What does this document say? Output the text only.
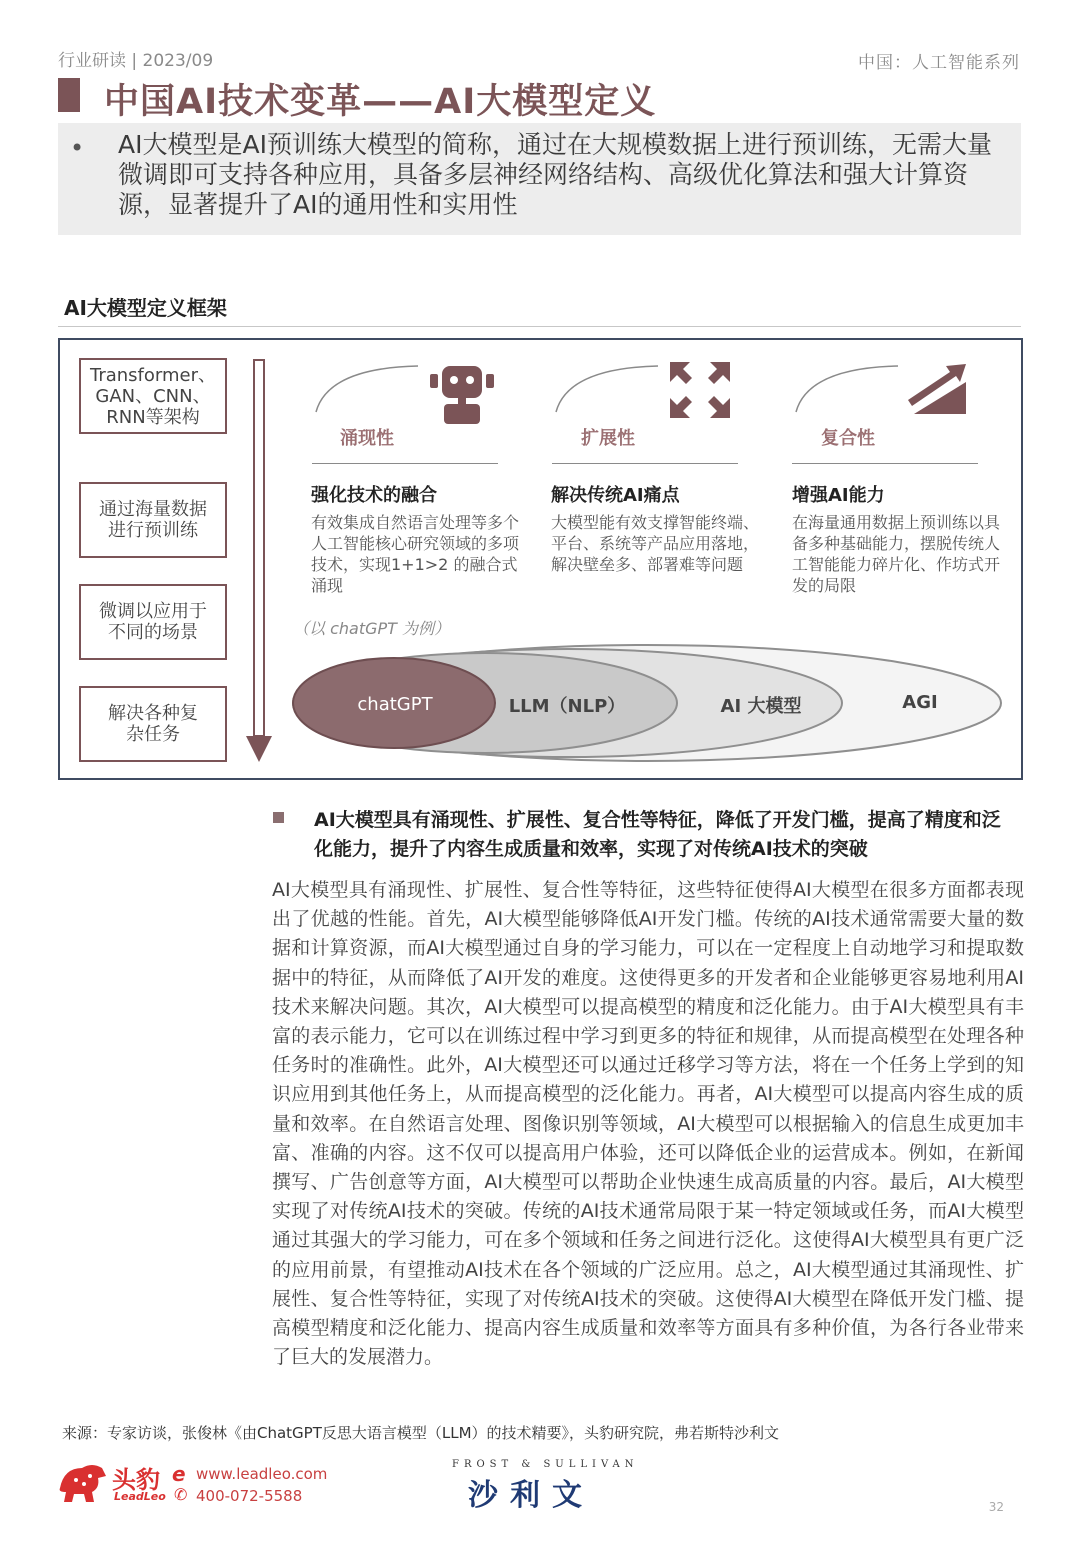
行业研读 | 2023/09	中国：人工智能系列
中国AI技术变革——AI大模型定义
• AI大模型是AI预训练大模型的简称，通过在大规模数据上进行预训练，无需大量微调即可支持各种应用，具备多层神经网络结构、高级优化算法和强大计算资源，显著提升了AI的通用性和实用性
AI大模型定义框架
Transformer、
GAN、CNN、
RNN等架构
通过海量数据
进行预训练
微调以应用于
不同的场景
解决各种复
杂任务
涌现性
强化技术的融合
有效集成自然语言处理等多个人工智能核心研究领域的多项技术，实现1+1>2 的融合式涌现
扩展性
解决传统AI痛点
大模型能有效支撑智能终端、平台、系统等产品应用落地，解决壁垒多、部署难等问题
复合性
增强AI能力
在海量通用数据上预训练以具备多种基础能力，摆脱传统人工智能能力碎片化、作坊式开发的局限
（以 chatGPT 为例）
chatGPT	LLM（NLP）	AI 大模型	AGI
AI大模型具有涌现性、扩展性、复合性等特征，降低了开发门槛，提高了精度和泛化能力，提升了内容生成质量和效率，实现了对传统AI技术的突破
AI大模型具有涌现性、扩展性、复合性等特征，这些特征使得AI大模型在很多方面都表现出了优越的性能。首先，AI大模型能够降低AI开发门槛。传统的AI技术通常需要大量的数据和计算资源，而AI大模型通过自身的学习能力，可以在一定程度上自动地学习和提取数据中的特征，从而降低了AI开发的难度。这使得更多的开发者和企业能够更容易地利用AI技术来解决问题。其次，AI大模型可以提高模型的精度和泛化能力。由于AI大模型具有丰富的表示能力，它可以在训练过程中学习到更多的特征和规律，从而提高模型在处理各种任务时的准确性。此外，AI大模型还可以通过迁移学习等方法，将在一个任务上学到的知识应用到其他任务上，从而提高模型的泛化能力。再者，AI大模型可以提高内容生成的质量和效率。在自然语言处理、图像识别等领域，AI大模型可以根据输入的信息生成更加丰富、准确的内容。这不仅可以提高用户体验，还可以降低企业的运营成本。例如，在新闻撰写、广告创意等方面，AI大模型可以帮助企业快速生成高质量的内容。最后，AI大模型实现了对传统AI技术的突破。传统的AI技术通常局限于某一特定领域或任务，而AI大模型通过其强大的学习能力，可在多个领域和任务之间进行泛化。这使得AI大模型具有更广泛的应用前景，有望推动AI技术在各个领域的广泛应用。总之，AI大模型通过其涌现性、扩展性、复合性等特征，实现了对传统AI技术的突破。这使得AI大模型在降低开发门槛、提高模型精度和泛化能力、提高内容生成质量和效率等方面具有多种价值，为各行各业带来了巨大的发展潜力。
来源：专家访谈，张俊林《由ChatGPT反思大语言模型（LLM）的技术精要》，头豹研究院，弗若斯特沙利文
头豹
LeadLeo
e
✆
www.leadleo.com
400-072-5588
FROST & SULLIVAN
沙利文	32
